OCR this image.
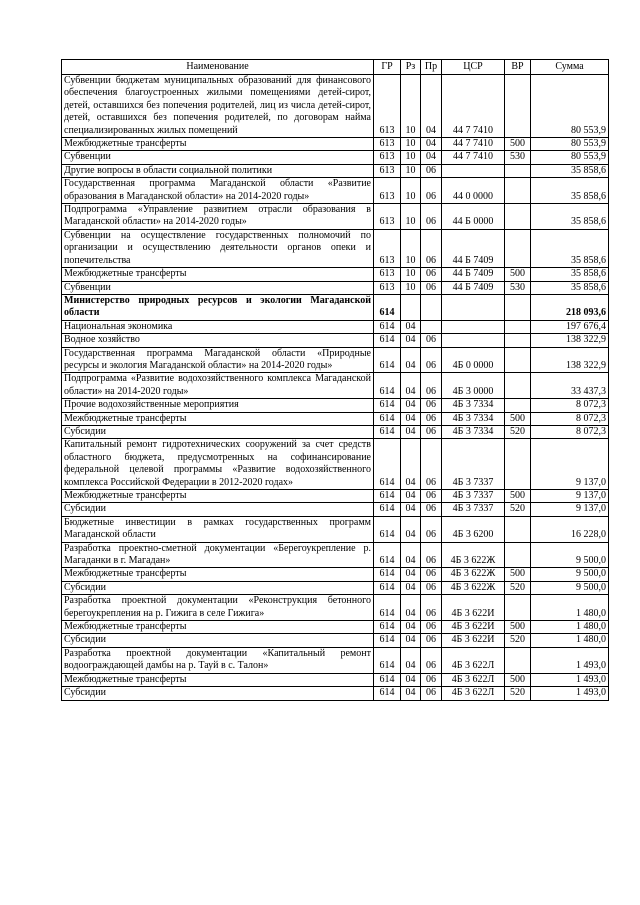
Наименование	ГР	Рз	Пр	ЦСР	ВР	Сумма
Субвенции бюджетам муниципальных образований для финансового обеспечения благоустроенных жилыми помещениями детей-сирот, детей, оставшихся без попечения родителей, лиц из числа детей-сирот, детей, оставшихся без попечения родителей, по договорам найма специализированных жилых помещений	613	10	04	44 7 7410		80 553,9
Межбюджетные трансферты	613	10	04	44 7 7410	500	80 553,9
Субвенции	613	10	04	44 7 7410	530	80 553,9
Другие вопросы в области социальной политики	613	10	06			35 858,6
Государственная программа Магаданской области «Развитие образования в Магаданской области» на 2014-2020 годы»	613	10	06	44 0 0000		35 858,6
Подпрограмма «Управление развитием отрасли образования в Магаданской области» на 2014-2020 годы»	613	10	06	44 Б 0000		35 858,6
Субвенции на осуществление государственных полномочий по организации и осуществлению деятельности органов опеки и попечительства	613	10	06	44 Б 7409		35 858,6
Межбюджетные трансферты	613	10	06	44 Б 7409	500	35 858,6
Субвенции	613	10	06	44 Б 7409	530	35 858,6
Министерство природных ресурсов и экологии Магаданской области	614					218 093,6
Национальная экономика	614	04				197 676,4
Водное хозяйство	614	04	06			138 322,9
Государственная программа Магаданской области «Природные ресурсы и экология Магаданской области» на 2014-2020 годы»	614	04	06	4Б 0 0000		138 322,9
Подпрограмма «Развитие водохозяйственного комплекса Магаданской области» на 2014-2020 годы»	614	04	06	4Б 3 0000		33 437,3
Прочие водохозяйственные мероприятия	614	04	06	4Б 3 7334		8 072,3
Межбюджетные трансферты	614	04	06	4Б 3 7334	500	8 072,3
Субсидии	614	04	06	4Б 3 7334	520	8 072,3
Капитальный ремонт гидротехнических сооружений за счет средств областного бюджета, предусмотренных на софинансирование федеральной целевой программы «Развитие водохозяйственного комплекса Российской Федерации в 2012-2020 годах»	614	04	06	4Б 3 7337		9 137,0
Межбюджетные трансферты	614	04	06	4Б 3 7337	500	9 137,0
Субсидии	614	04	06	4Б 3 7337	520	9 137,0
Бюджетные инвестиции в рамках государственных программ Магаданской области	614	04	06	4Б 3 6200		16 228,0
Разработка проектно-сметной документации «Берегоукрепление р. Магаданки в г. Магадан»	614	04	06	4Б 3 622Ж		9 500,0
Межбюджетные трансферты	614	04	06	4Б 3 622Ж	500	9 500,0
Субсидии	614	04	06	4Б 3 622Ж	520	9 500,0
Разработка проектной документации «Реконструкция бетонного берегоукрепления на р. Гижига в селе Гижига»	614	04	06	4Б 3 622И		1 480,0
Межбюджетные трансферты	614	04	06	4Б 3 622И	500	1 480,0
Субсидии	614	04	06	4Б 3 622И	520	1 480,0
Разработка проектной документации «Капитальный ремонт водоограждающей дамбы на р. Тауй в с. Талон»	614	04	06	4Б 3 622Л		1 493,0
Межбюджетные трансферты	614	04	06	4Б 3 622Л	500	1 493,0
Субсидии	614	04	06	4Б 3 622Л	520	1 493,0
